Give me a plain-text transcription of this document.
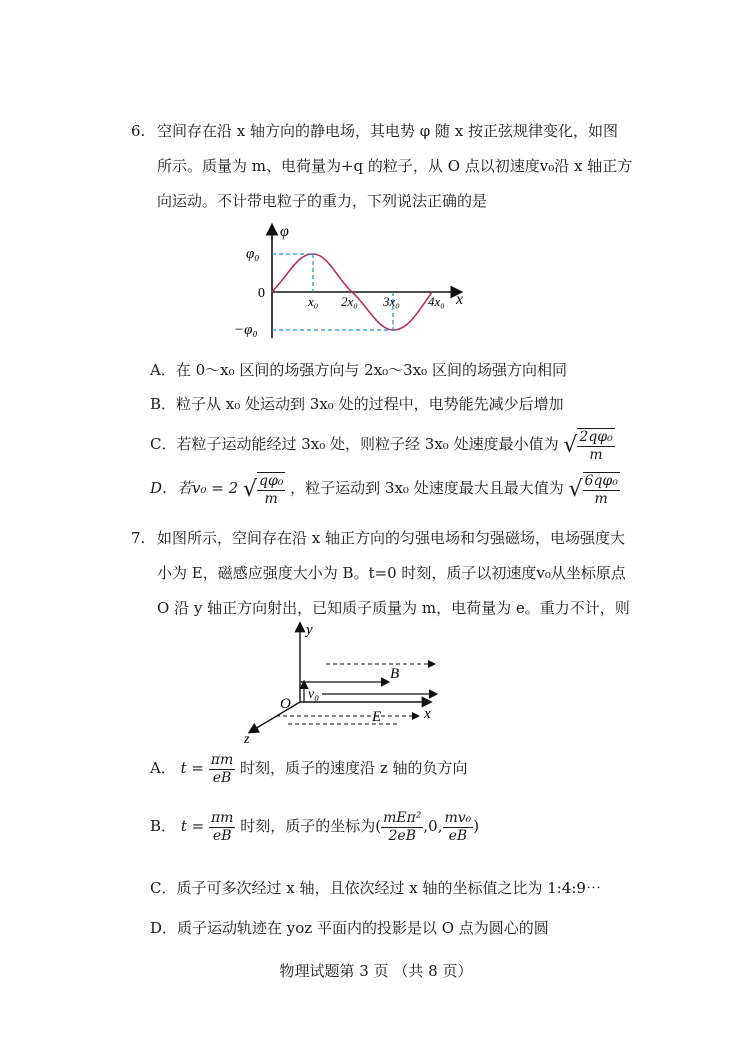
6. 空间存在沿 x 轴方向的静电场，其电势 φ 随 x 按正弦规律变化，如图
所示。质量为 m、电荷量为+q 的粒子，从 O 点以初速度v₀沿 x 轴正方
向运动。不计带电粒子的重力，下列说法正确的是
φ
φ₀
0
−φ₀
x₀ 2x₀ 3x₀ 4x₀ x
A．在 0～x₀ 区间的场强方向与 2x₀～3x₀ 区间的场强方向相同
B．粒子从 x₀ 处运动到 3x₀ 处的过程中，电势能先减少后增加
C．若粒子运动能经过 3x₀ 处，则粒子经 3x₀ 处速度最小值为 √ $\frac{\text{2qφ₀}}{m}$
D．若v₀ = 2 √ $\frac{\text{qφ₀}}{m}$ ，粒子运动到 3x₀ 处速度最大且最大值为 √ $\frac{\text{6qφ₀}}{m}$
7. 如图所示，空间存在沿 x 轴正方向的匀强电场和匀强磁场，电场强度大
小为 E，磁感应强度大小为 B。t=0 时刻，质子以初速度v₀从坐标原点
O 沿 y 轴正方向射出，已知质子质量为 m，电荷量为 e。重力不计，则
y
B
v₀
O
E	x
z
A． $t = \frac{\pi m}{eB}$ 时刻，质子的速度沿 z 轴的负方向
B． $t = \frac{\pi m}{eB}$ 时刻，质子的坐标为( $\frac{\text{mEπ²}}{2eB} ,0$, $\frac{\text{mv₀}}{eB}$ )
C．质子可多次经过 x 轴，且依次经过 x 轴的坐标值之比为 1:4:9⋯
D．质子运动轨迹在 yoz 平面内的投影是以 O 点为圆心的圆
物理试题第 3 页 （共 8 页）
